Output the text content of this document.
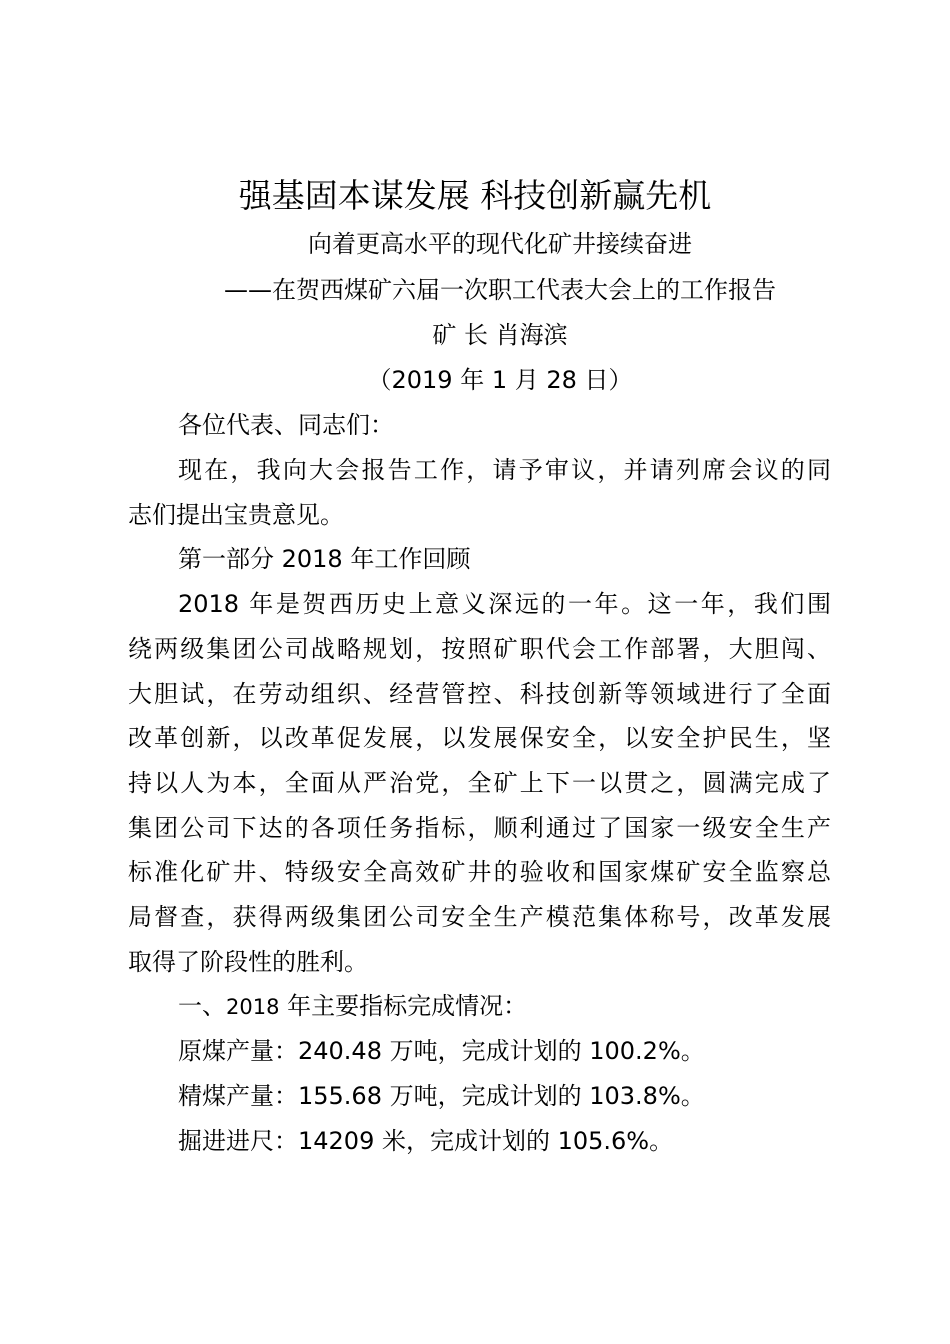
强基固本谋发展 科技创新赢先机
向着更高水平的现代化矿井接续奋进
——在贺西煤矿六届一次职工代表大会上的工作报告
矿 长 肖海滨
（2019 年 1 月 28 日）
各位代表、同志们：
现在，我向大会报告工作，请予审议，并请列席会议的同
志们提出宝贵意见。
第一部分 2018 年工作回顾
2018 年是贺西历史上意义深远的一年。这一年，我们围
绕两级集团公司战略规划，按照矿职代会工作部署，大胆闯、
大胆试，在劳动组织、经营管控、科技创新等领域进行了全面
改革创新，以改革促发展，以发展保安全，以安全护民生，坚
持以人为本，全面从严治党，全矿上下一以贯之，圆满完成了
集团公司下达的各项任务指标，顺利通过了国家一级安全生产
标准化矿井、特级安全高效矿井的验收和国家煤矿安全监察总
局督查，获得两级集团公司安全生产模范集体称号，改革发展
取得了阶段性的胜利。
一、2018 年主要指标完成情况：
原煤产量：240.48 万吨，完成计划的 100.2%。
精煤产量：155.68 万吨，完成计划的 103.8%。
掘进进尺：14209 米，完成计划的 105.6%。
